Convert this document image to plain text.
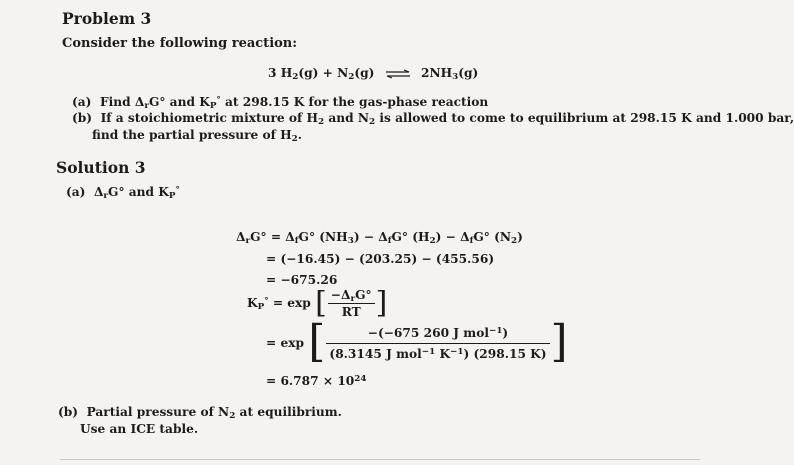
Problem 3
Consider the following reaction:
3 $H_2(g) + N_2(g)$ ⇌ $2NH_3(g)$
(a) Find $\Delta_rG^\circ$ and $K_P^\circ$ at 298.15 K for the gas-phase reaction
(b) If a stoichiometric mixture of $H_2$ and $N_2$ is allowed to come to equilibrium at 298.15 K and 1.000 bar,
find the partial pressure of $H_2$.
Solution 3
(a) $\Delta_rG^\circ$ and $K_P^\circ$
$\Delta_rG^\circ = \Delta_fG^\circ$ $(NH_3) - \Delta_fG^\circ$ $(H_2) - \Delta_fG^\circ$ $(N_2)$
= (−16.45) − (203.25) − (455.56)
= −675.26
$K_P^\circ = \exp$ [ $\frac{-\Delta_rG^\circ}{RT}$ ]
= exp [ $\frac{-(-675 260 J mol^{-1})}{(8.3145 J mol^{-1} K^{-1}) (298.15 K)}$ ]
= $6.787 \times 10^{24}$
(b) Partial pressure of $N_2$ at equilibrium.
Use an ICE table.
